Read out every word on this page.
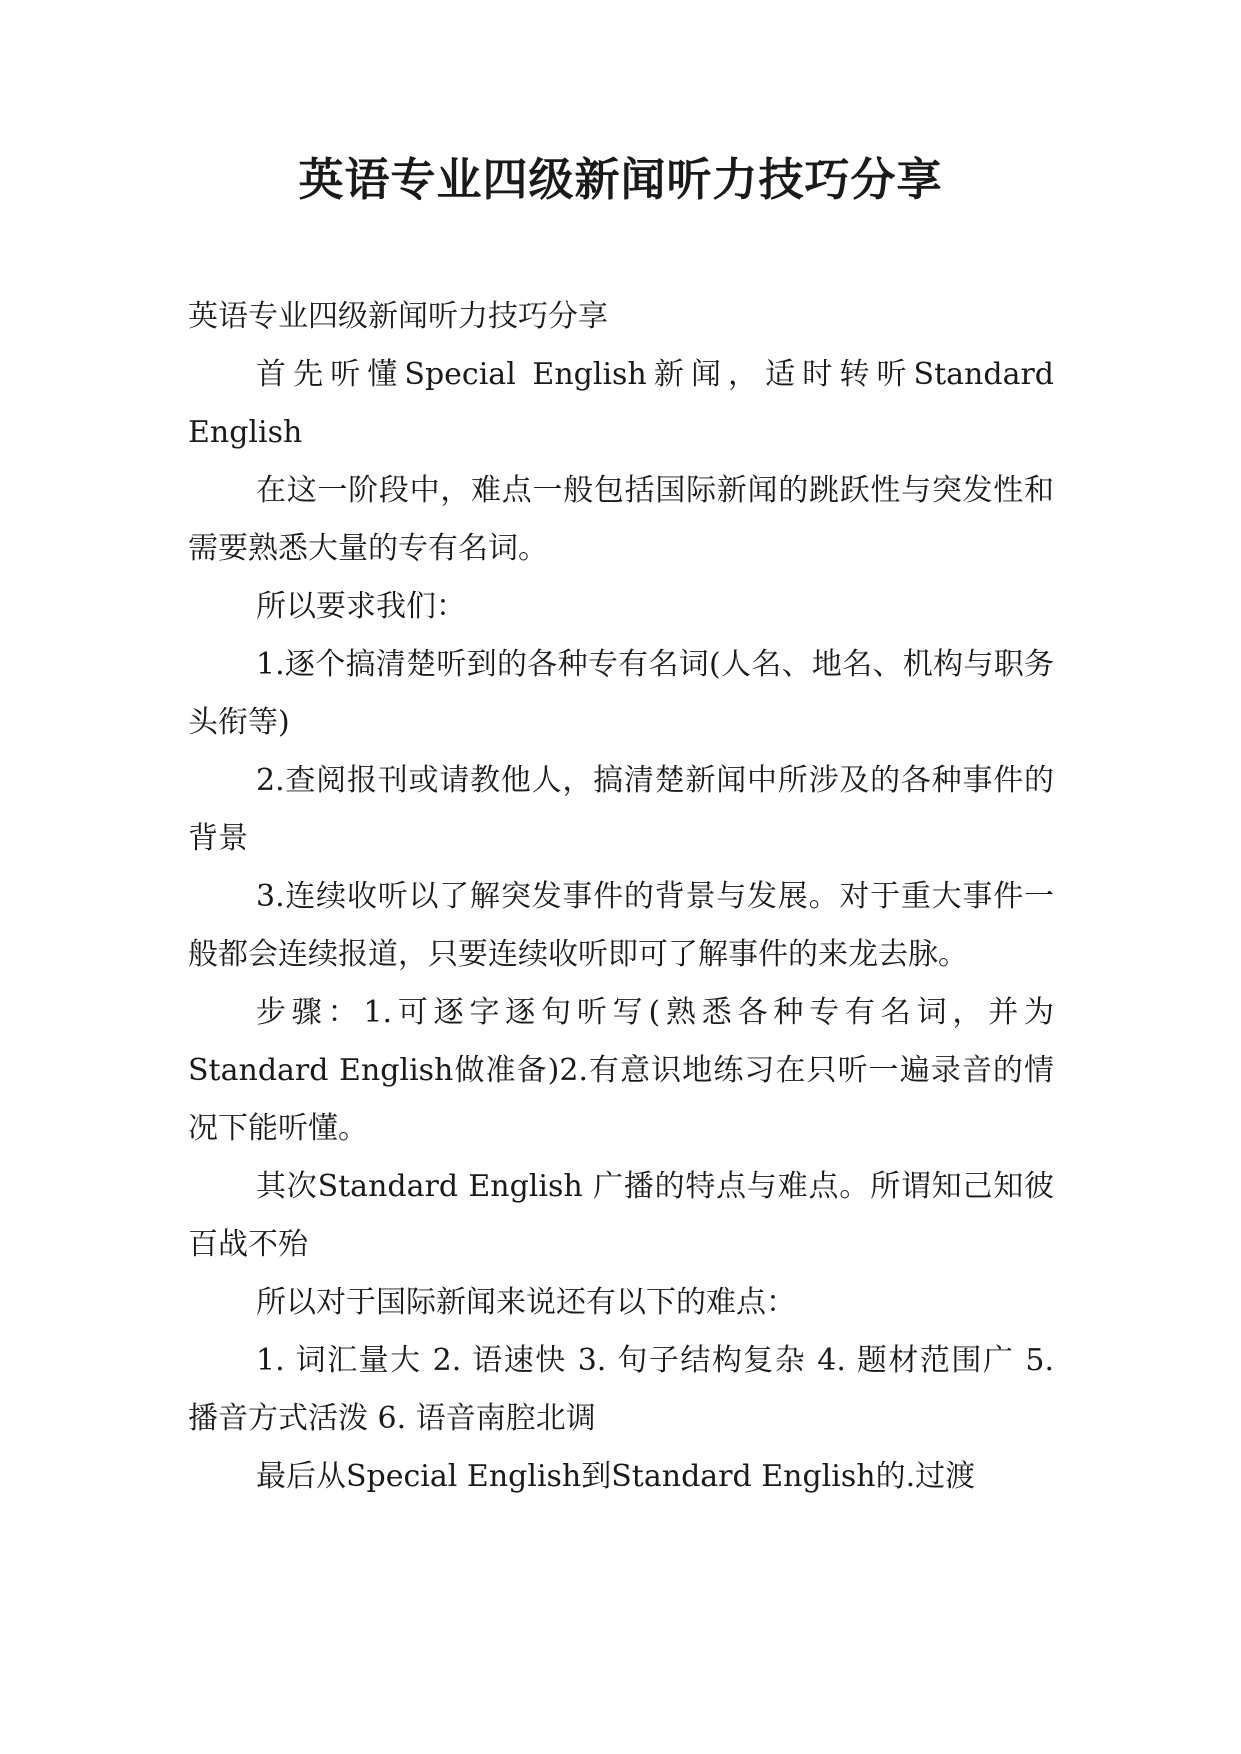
英语专业四级新闻听力技巧分享

英语专业四级新闻听力技巧分享

首先听懂Special English新闻，适时转听Standard English

在这一阶段中，难点一般包括国际新闻的跳跃性与突发性和需要熟悉大量的专有名词。

所以要求我们：

1.逐个搞清楚听到的各种专有名词(人名、地名、机构与职务头衔等)

2.查阅报刊或请教他人，搞清楚新闻中所涉及的各种事件的背景

3.连续收听以了解突发事件的背景与发展。对于重大事件一般都会连续报道，只要连续收听即可了解事件的来龙去脉。

步骤：1.可逐字逐句听写(熟悉各种专有名词，并为Standard English做准备)2.有意识地练习在只听一遍录音的情况下能听懂。

其次Standard English 广播的特点与难点。所谓知己知彼百战不殆

所以对于国际新闻来说还有以下的难点：

1. 词汇量大 2. 语速快 3. 句子结构复杂 4. 题材范围广 5. 播音方式活泼 6. 语音南腔北调

最后从Special English到Standard English的.过渡
